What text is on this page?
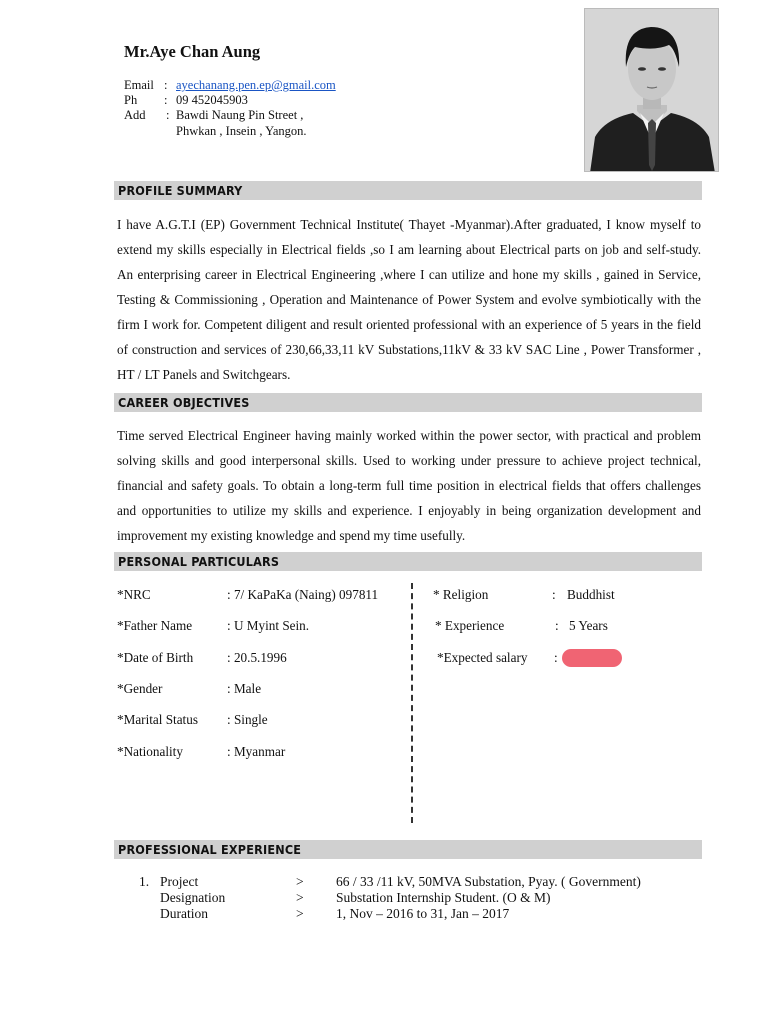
Mr.Aye Chan Aung
Email : ayechanang.pen.ep@gmail.com
Ph	: 09 452045903
Add	: Bawdi Naung Pin Street ,
Phwkan , Insein , Yangon.
PROFILE SUMMARY

I have A.G.T.I (EP) Government Technical Institute( Thayet -Myanmar).After graduated, I know myself to extend my skills especially in Electrical fields ,so I am learning about Electrical parts on job and self-study. An enterprising career in Electrical Engineering ,where I can utilize and hone my skills , gained in Service, Testing & Commissioning , Operation and Maintenance of Power System and evolve symbiotically with the firm I work for. Competent diligent and result oriented professional with an experience of 5 years in the field of construction and services of 230,66,33,11 kV Substations,11kV & 33 kV SAC Line , Power Transformer , HT / LT Panels and Switchgears.

CAREER OBJECTIVES

Time served Electrical Engineer having mainly worked within the power sector, with practical and problem solving skills and good interpersonal skills. Used to working under pressure to achieve project technical, financial and safety goals. To obtain a long-term full time position in electrical fields that offers challenges and opportunities to utilize my skills and experience. I enjoyably in being organization development and improvement my existing knowledge and spend my time usefully.

PERSONAL PARTICULARS
*NRC	: 7/ KaPaKa (Naing) 097811
*Father Name	: U Myint Sein.
*Date of Birth	: 20.5.1996
*Gender	: Male
*Marital Status : Single
*Nationality	: Myanmar
* Religion	: Buddhist
* Experience	: 5 Years
*Expected salary :
PROFESSIONAL EXPERIENCE
1. Project	> 66 / 33 /11 kV, 50MVA Substation, Pyay. ( Government)
Designation	> Substation Internship Student. (O & M)
Duration	> 1, Nov – 2016 to 31, Jan – 2017
